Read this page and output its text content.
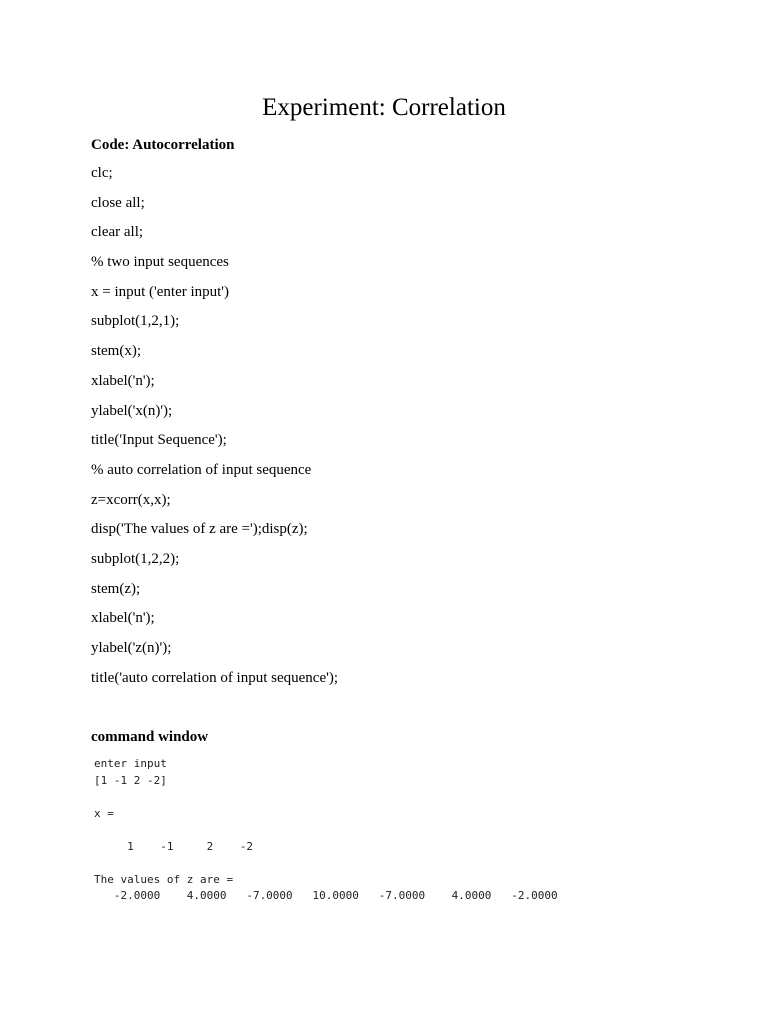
Experiment: Correlation
Code: Autocorrelation
clc;
close all;
clear all;
% two input sequences
x = input ('enter input')
subplot(1,2,1);
stem(x);
xlabel('n');
ylabel('x(n)');
title('Input Sequence');
% auto correlation of input sequence
z=xcorr(x,x);
disp('The values of z are =');disp(z);
subplot(1,2,2);
stem(z);
xlabel('n');
ylabel('z(n)');
title('auto correlation of input sequence');
command window
enter input
[1 -1 2 -2]
x =
1    -1     2    -2
The values of z are =
-2.0000    4.0000   -7.0000   10.0000   -7.0000    4.0000   -2.0000
